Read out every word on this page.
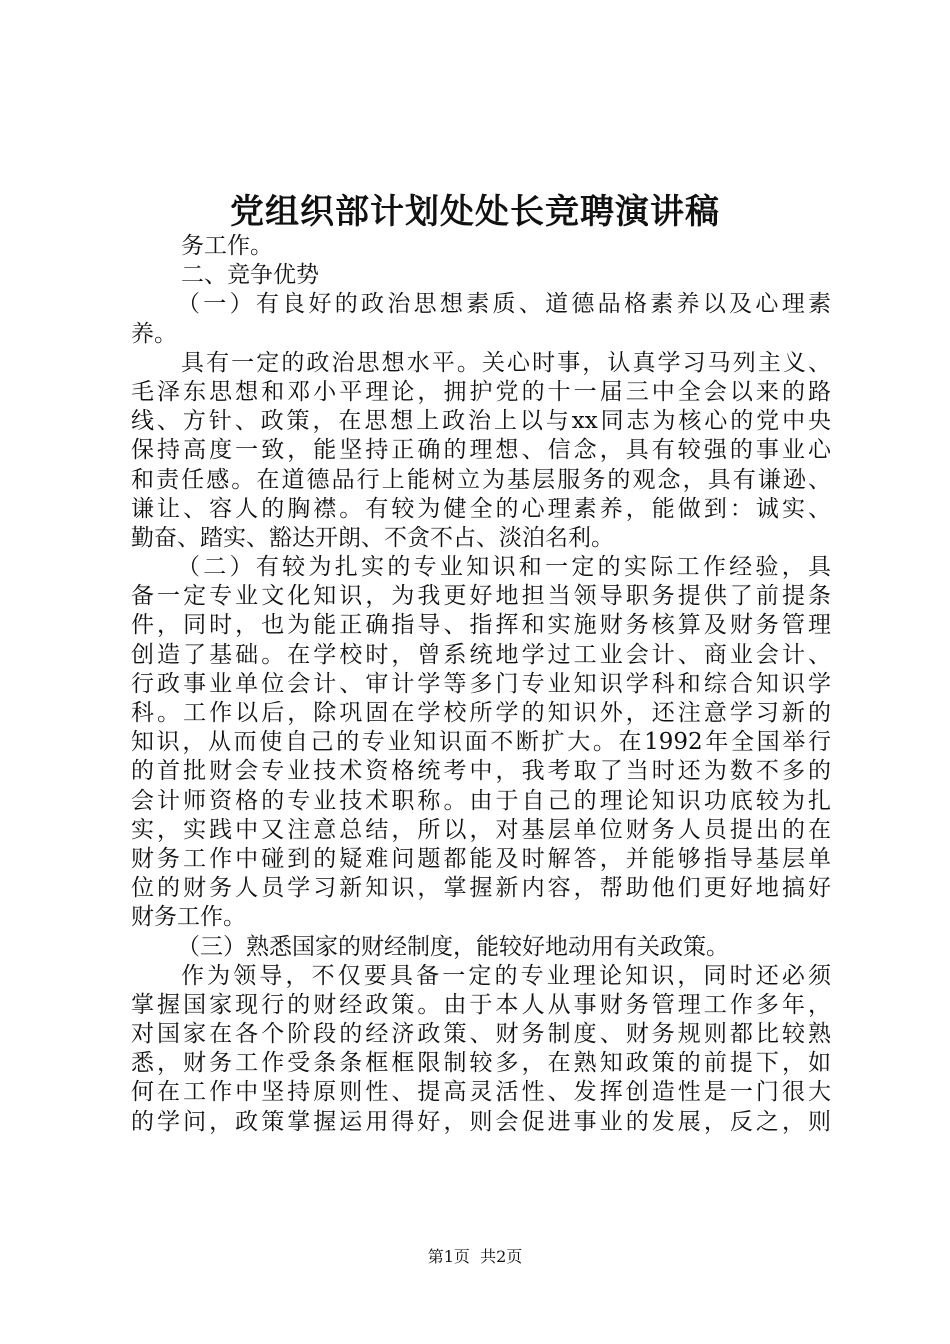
党组织部计划处处长竞聘演讲稿
务工作。
二、竞争优势
（一）有良好的政治思想素质、道德品格素养以及心理素
养。
具有一定的政治思想水平。关心时事，认真学习马列主义、
毛泽东思想和邓小平理论，拥护党的十一届三中全会以来的路
线、方针、政策，在思想上政治上以与xx同志为核心的党中央
保持高度一致，能坚持正确的理想、信念，具有较强的事业心
和责任感。在道德品行上能树立为基层服务的观念，具有谦逊、
谦让、容人的胸襟。有较为健全的心理素养，能做到：诚实、
勤奋、踏实、豁达开朗、不贪不占、淡泊名利。
（二）有较为扎实的专业知识和一定的实际工作经验，具
备一定专业文化知识，为我更好地担当领导职务提供了前提条
件，同时，也为能正确指导、指挥和实施财务核算及财务管理
创造了基础。在学校时，曾系统地学过工业会计、商业会计、
行政事业单位会计、审计学等多门专业知识学科和综合知识学
科。工作以后，除巩固在学校所学的知识外，还注意学习新的
知识，从而使自己的专业知识面不断扩大。在1992年全国举行
的首批财会专业技术资格统考中，我考取了当时还为数不多的
会计师资格的专业技术职称。由于自己的理论知识功底较为扎
实，实践中又注意总结，所以，对基层单位财务人员提出的在
财务工作中碰到的疑难问题都能及时解答，并能够指导基层单
位的财务人员学习新知识，掌握新内容，帮助他们更好地搞好
财务工作。
（三）熟悉国家的财经制度，能较好地动用有关政策。
作为领导，不仅要具备一定的专业理论知识，同时还必须
掌握国家现行的财经政策。由于本人从事财务管理工作多年，
对国家在各个阶段的经济政策、财务制度、财务规则都比较熟
悉，财务工作受条条框框限制较多，在熟知政策的前提下，如
何在工作中坚持原则性、提高灵活性、发挥创造性是一门很大
的学问，政策掌握运用得好，则会促进事业的发展，反之，则
第1页  共2页
